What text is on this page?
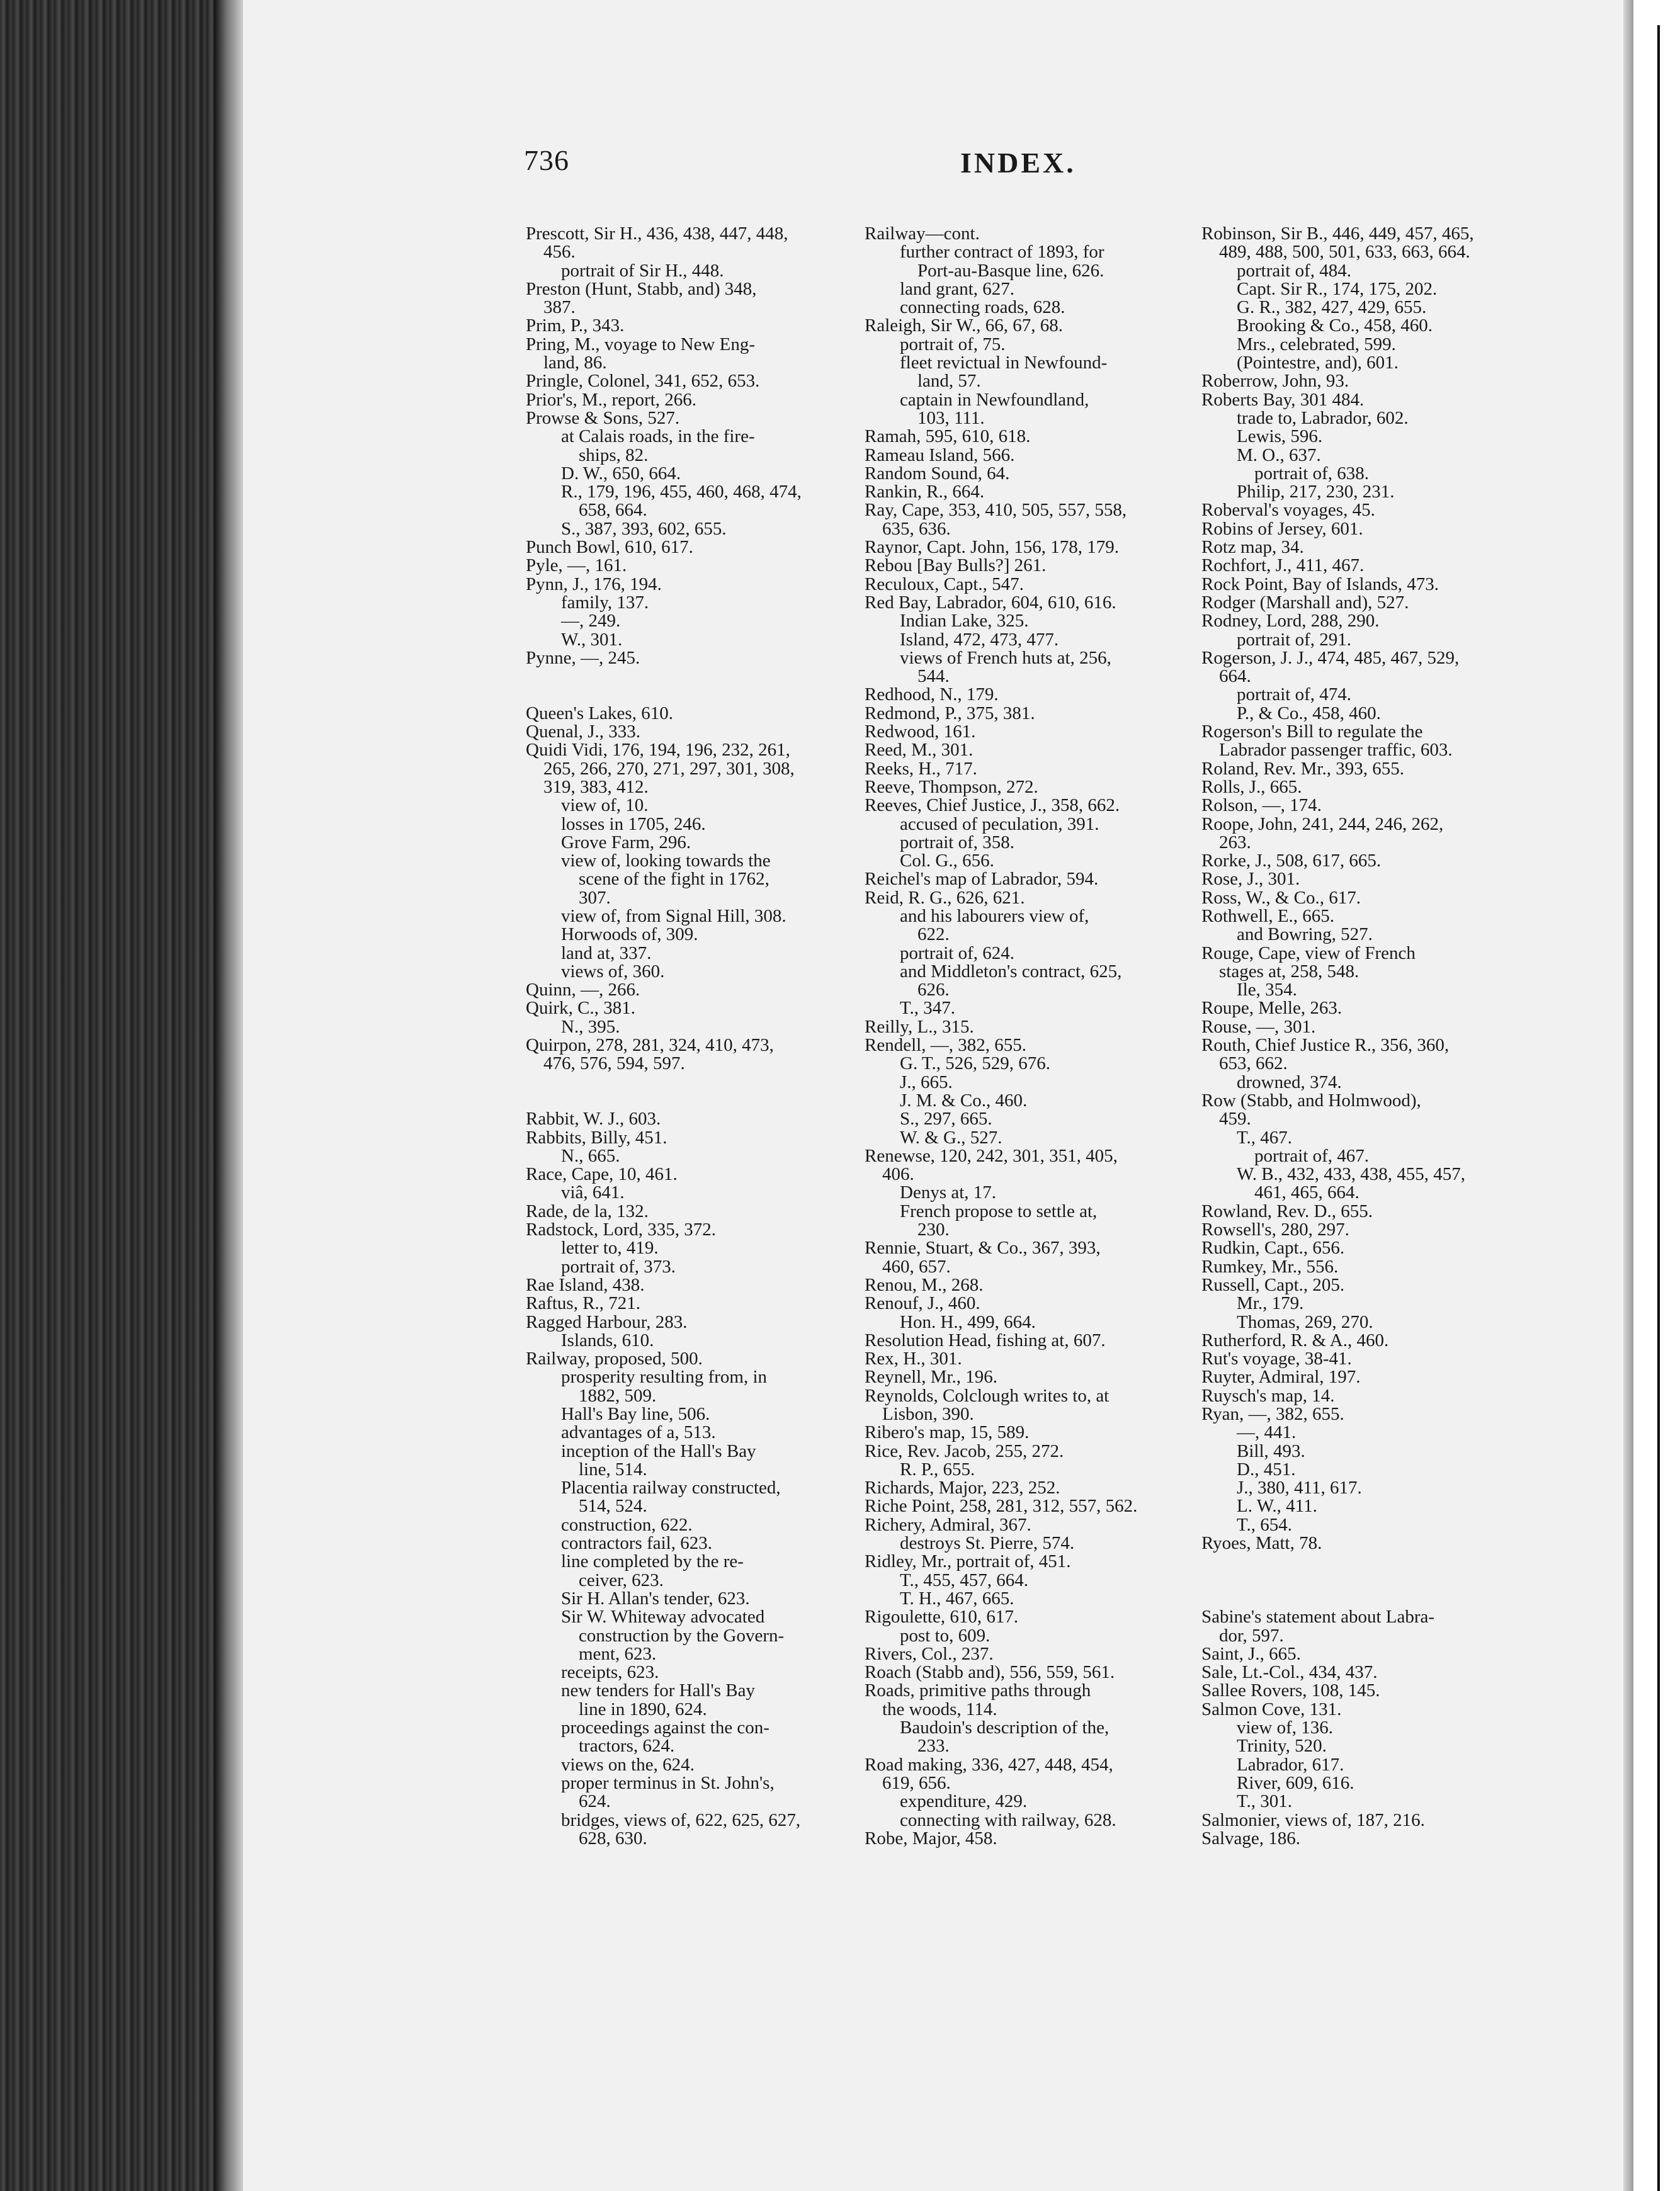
736	INDEX.
Prescott, Sir H., 436, 438, 447, 448,
456.
portrait of Sir H., 448.
Preston (Hunt, Stabb, and) 348,
387.
Prim, P., 343.
Pring, M., voyage to New Eng-
land, 86.
Pringle, Colonel, 341, 652, 653.
Prior's, M., report, 266.
Prowse & Sons, 527.
at Calais roads, in the fire-
ships, 82.
D. W., 650, 664.
R., 179, 196, 455, 460, 468, 474,
658, 664.
S., 387, 393, 602, 655.
Punch Bowl, 610, 617.
Pyle, —, 161.
Pynn, J., 176, 194.
family, 137.
—, 249.
W., 301.
Pynne, —, 245.
Queen's Lakes, 610.
Quenal, J., 333.
Quidi Vidi, 176, 194, 196, 232, 261,
265, 266, 270, 271, 297, 301, 308,
319, 383, 412.
view of, 10.
losses in 1705, 246.
Grove Farm, 296.
view of, looking towards the
scene of the fight in 1762,
307.
view of, from Signal Hill, 308.
Horwoods of, 309.
land at, 337.
views of, 360.
Quinn, —, 266.
Quirk, C., 381.
N., 395.
Quirpon, 278, 281, 324, 410, 473,
476, 576, 594, 597.
Rabbit, W. J., 603.
Rabbits, Billy, 451.
N., 665.
Race, Cape, 10, 461.
viâ, 641.
Rade, de la, 132.
Radstock, Lord, 335, 372.
letter to, 419.
portrait of, 373.
Rae Island, 438.
Raftus, R., 721.
Ragged Harbour, 283.
Islands, 610.
Railway, proposed, 500.
prosperity resulting from, in
1882, 509.
Hall's Bay line, 506.
advantages of a, 513.
inception of the Hall's Bay
line, 514.
Placentia railway constructed,
514, 524.
construction, 622.
contractors fail, 623.
line completed by the re-
ceiver, 623.
Sir H. Allan's tender, 623.
Sir W. Whiteway advocated
construction by the Govern-
ment, 623.
receipts, 623.
new tenders for Hall's Bay
line in 1890, 624.
proceedings against the con-
tractors, 624.
views on the, 624.
proper terminus in St. John's,
624.
bridges, views of, 622, 625, 627,
628, 630.
Railway—cont.
further contract of 1893, for
Port-au-Basque line, 626.
land grant, 627.
connecting roads, 628.
Raleigh, Sir W., 66, 67, 68.
portrait of, 75.
fleet revictual in Newfound-
land, 57.
captain in Newfoundland,
103, 111.
Ramah, 595, 610, 618.
Rameau Island, 566.
Random Sound, 64.
Rankin, R., 664.
Ray, Cape, 353, 410, 505, 557, 558,
635, 636.
Raynor, Capt. John, 156, 178, 179.
Rebou [Bay Bulls?] 261.
Reculoux, Capt., 547.
Red Bay, Labrador, 604, 610, 616.
Indian Lake, 325.
Island, 472, 473, 477.
views of French huts at, 256,
544.
Redhood, N., 179.
Redmond, P., 375, 381.
Redwood, 161.
Reed, M., 301.
Reeks, H., 717.
Reeve, Thompson, 272.
Reeves, Chief Justice, J., 358, 662.
accused of peculation, 391.
portrait of, 358.
Col. G., 656.
Reichel's map of Labrador, 594.
Reid, R. G., 626, 621.
and his labourers view of,
622.
portrait of, 624.
and Middleton's contract, 625,
626.
T., 347.
Reilly, L., 315.
Rendell, —, 382, 655.
G. T., 526, 529, 676.
J., 665.
J. M. & Co., 460.
S., 297, 665.
W. & G., 527.
Renewse, 120, 242, 301, 351, 405,
406.
Denys at, 17.
French propose to settle at,
230.
Rennie, Stuart, & Co., 367, 393,
460, 657.
Renou, M., 268.
Renouf, J., 460.
Hon. H., 499, 664.
Resolution Head, fishing at, 607.
Rex, H., 301.
Reynell, Mr., 196.
Reynolds, Colclough writes to, at
Lisbon, 390.
Ribero's map, 15, 589.
Rice, Rev. Jacob, 255, 272.
R. P., 655.
Richards, Major, 223, 252.
Riche Point, 258, 281, 312, 557, 562.
Richery, Admiral, 367.
destroys St. Pierre, 574.
Ridley, Mr., portrait of, 451.
T., 455, 457, 664.
T. H., 467, 665.
Rigoulette, 610, 617.
post to, 609.
Rivers, Col., 237.
Roach (Stabb and), 556, 559, 561.
Roads, primitive paths through
the woods, 114.
Baudoin's description of the,
233.
Road making, 336, 427, 448, 454,
619, 656.
expenditure, 429.
connecting with railway, 628.
Robe, Major, 458.
Robinson, Sir B., 446, 449, 457, 465,
489, 488, 500, 501, 633, 663, 664.
portrait of, 484.
Capt. Sir R., 174, 175, 202.
G. R., 382, 427, 429, 655.
Brooking & Co., 458, 460.
Mrs., celebrated, 599.
(Pointestre, and), 601.
Roberrow, John, 93.
Roberts Bay, 301 484.
trade to, Labrador, 602.
Lewis, 596.
M. O., 637.
portrait of, 638.
Philip, 217, 230, 231.
Roberval's voyages, 45.
Robins of Jersey, 601.
Rotz map, 34.
Rochfort, J., 411, 467.
Rock Point, Bay of Islands, 473.
Rodger (Marshall and), 527.
Rodney, Lord, 288, 290.
portrait of, 291.
Rogerson, J. J., 474, 485, 467, 529,
664.
portrait of, 474.
P., & Co., 458, 460.
Rogerson's Bill to regulate the
Labrador passenger traffic, 603.
Roland, Rev. Mr., 393, 655.
Rolls, J., 665.
Rolson, —, 174.
Roope, John, 241, 244, 246, 262,
263.
Rorke, J., 508, 617, 665.
Rose, J., 301.
Ross, W., & Co., 617.
Rothwell, E., 665.
and Bowring, 527.
Rouge, Cape, view of French
stages at, 258, 548.
Ile, 354.
Roupe, Melle, 263.
Rouse, —, 301.
Routh, Chief Justice R., 356, 360,
653, 662.
drowned, 374.
Row (Stabb, and Holmwood),
459.
T., 467.
portrait of, 467.
W. B., 432, 433, 438, 455, 457,
461, 465, 664.
Rowland, Rev. D., 655.
Rowsell's, 280, 297.
Rudkin, Capt., 656.
Rumkey, Mr., 556.
Russell, Capt., 205.
Mr., 179.
Thomas, 269, 270.
Rutherford, R. & A., 460.
Rut's voyage, 38-41.
Ruyter, Admiral, 197.
Ruysch's map, 14.
Ryan, —, 382, 655.
—, 441.
Bill, 493.
D., 451.
J., 380, 411, 617.
L. W., 411.
T., 654.
Ryoes, Matt, 78.
Sabine's statement about Labra-
dor, 597.
Saint, J., 665.
Sale, Lt.-Col., 434, 437.
Sallee Rovers, 108, 145.
Salmon Cove, 131.
view of, 136.
Trinity, 520.
Labrador, 617.
River, 609, 616.
T., 301.
Salmonier, views of, 187, 216.
Salvage, 186.
